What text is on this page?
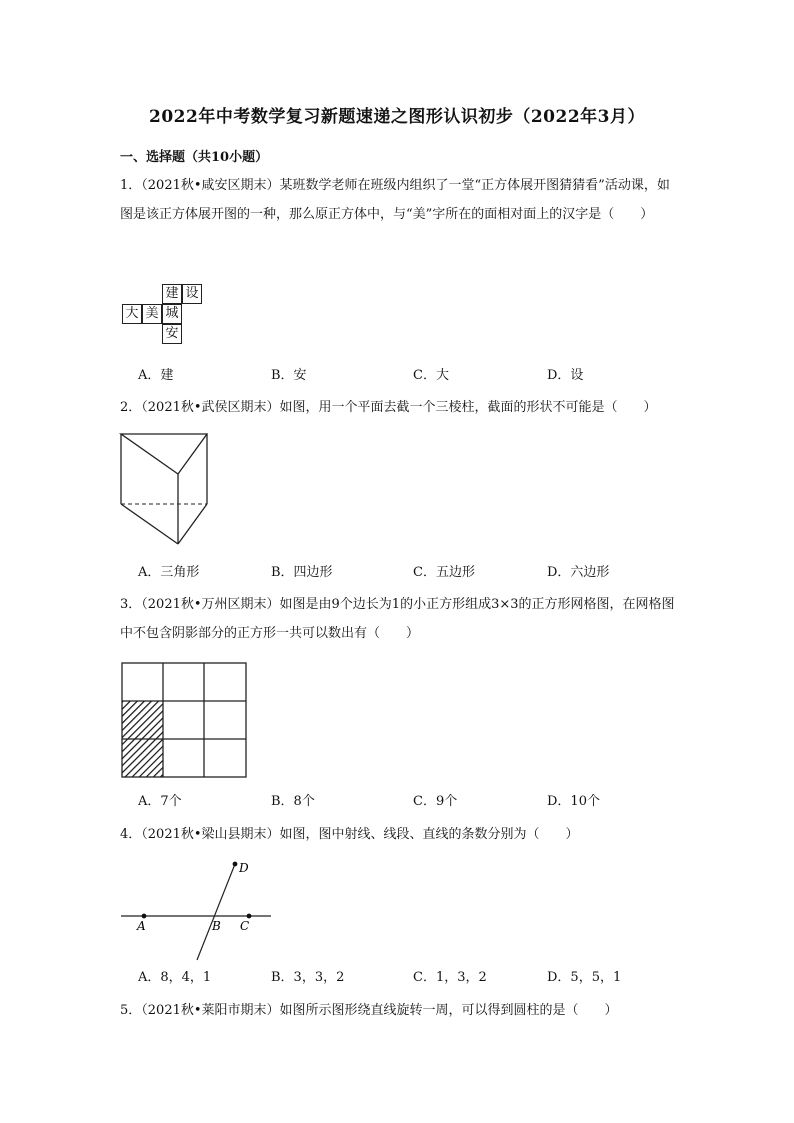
2022年中考数学复习新题速递之图形认识初步（2022年3月）
一、选择题（共10小题）
1．（2021秋•咸安区期末）某班数学老师在班级内组织了一堂“正方体展开图猜猜看”活动课，如图是该正方体展开图的一种，那么原正方体中，与“美”字所在的面相对面上的汉字是（　　）
建 设
大 美 城
安
A．建	B．安	C．大	D．设
2．（2021秋•武侯区期末）如图，用一个平面去截一个三棱柱，截面的形状不可能是（　　）
A．三角形	B．四边形	C．五边形	D．六边形
3．（2021秋•万州区期末）如图是由9个边长为1的小正方形组成3×3的正方形网格图，在网格图中不包含阴影部分的正方形一共可以数出有（　　）
A．7个	B．8个	C．9个	D．10个
4．（2021秋•梁山县期末）如图，图中射线、线段、直线的条数分别为（　　）
D
A	B C
A．8，4，1	B．3，3，2	C．1，3，2	D．5，5，1
5．（2021秋•莱阳市期末）如图所示图形绕直线旋转一周，可以得到圆柱的是（　　）
